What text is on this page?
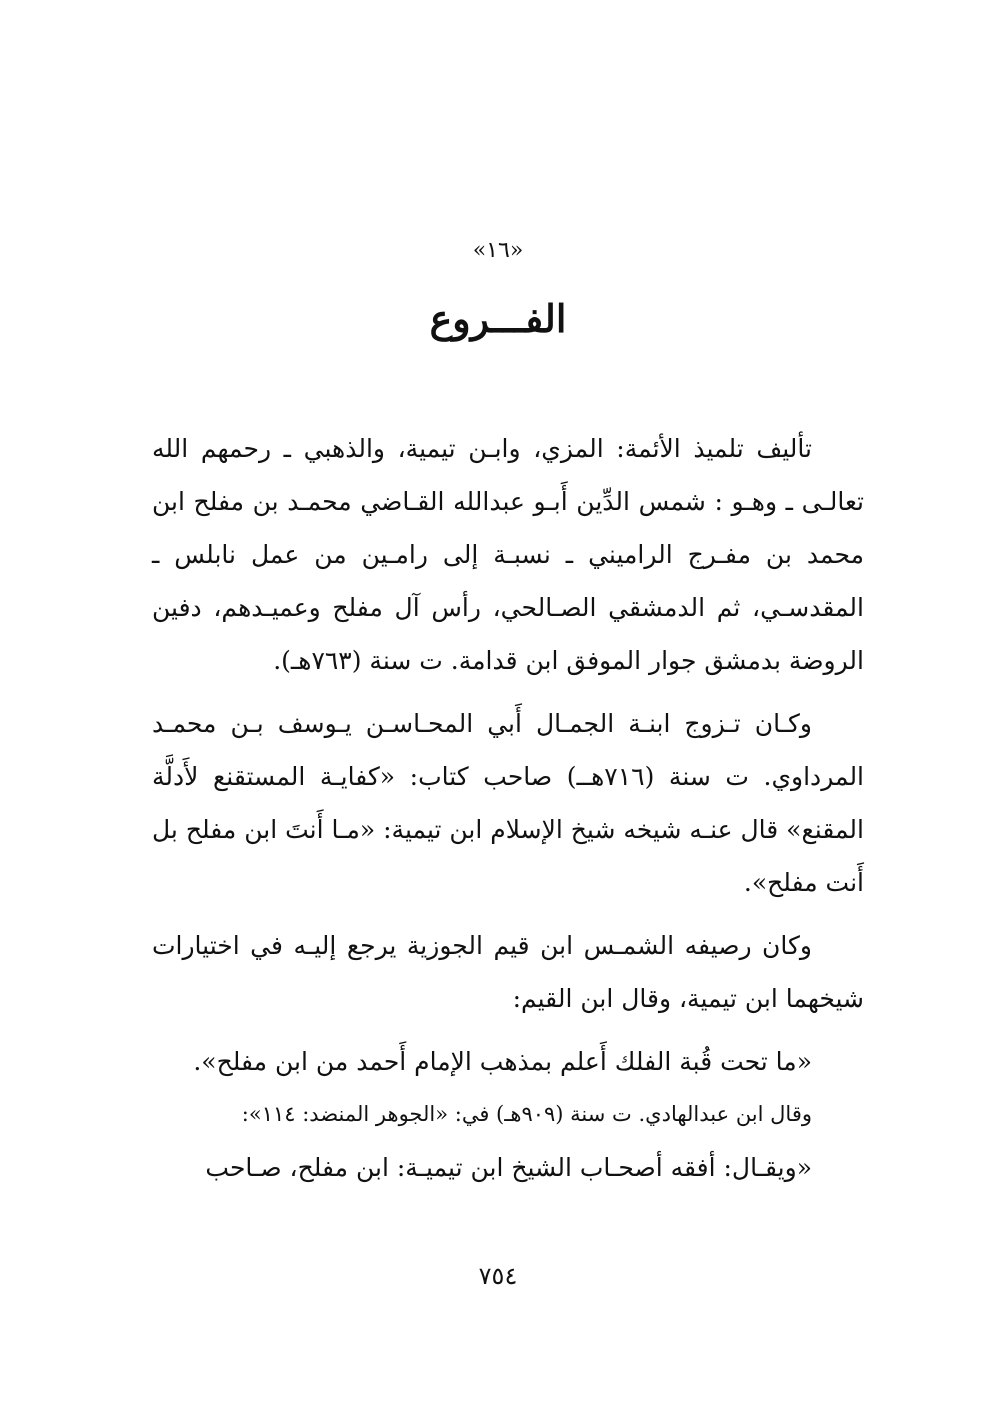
«١٦»
الفـــروع

تأليف تلميذ الأئمة: المزي، وابـن تيمية، والذهبي ـ رحمهم الله تعالـى ـ وهـو : شمس الدِّين أَبـو عبدالله القـاضي محمـد بن مفلح ابن محمد بن مفـرج الراميني ـ نسبـة إلى رامـين من عمل نابلس ـ المقدسـي، ثم الدمشقي الصـالحي، رأس آل مفلح وعميـدهم، دفين الروضة بدمشق جوار الموفق ابن قدامة. ت سنة (٧٦٣هـ).

وكـان تـزوج ابنـة الجمـال أَبي المحـاسـن يـوسف بـن محمـد المرداوي. ت سنة (٧١٦هــ) صاحب كتاب: «كفايـة المستقنع لأَدلَّة المقنع» قال عنـه شيخه شيخ الإسلام ابن تيمية: «مـا أَنتَ ابن مفلح بل أَنت مفلح».

وكان رصيفه الشمـس ابن قيم الجوزية يرجع إليـه في اختيارات شيخهما ابن تيمية، وقال ابن القيم:

«ما تحت قُبة الفلك أَعلم بمذهب الإمام أَحمد من ابن مفلح».

وقال ابن عبدالهادي. ت سنة (٩٠٩هـ) في: «الجوهر المنضد: ١١٤»:

«ويقـال: أفقه أصحـاب الشيخ ابن تيميـة: ابن مفلح، صـاحب

٧٥٤
